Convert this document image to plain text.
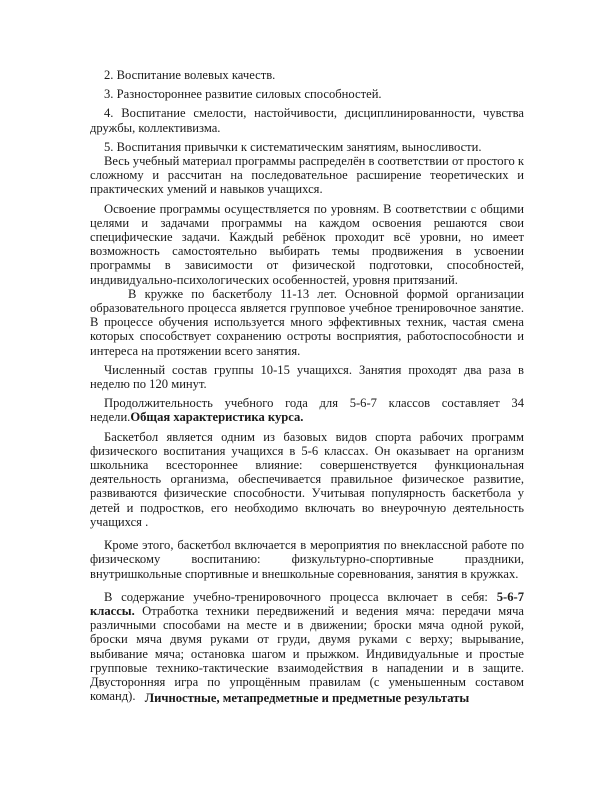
2. Воспитание волевых качеств.

3. Разностороннее развитие силовых способностей.

4. Воспитание смелости, настойчивости, дисциплинированности, чувства дружбы, коллективизма.

5. Воспитания привычки к систематическим занятиям, выносливости.

Весь учебный материал программы распределён в соответствии от простого к сложному и рассчитан на последовательное расширение теоретических и практических умений и навыков учащихся.

Освоение программы осуществляется по уровням. В соответствии с общими целями и задачами программы на каждом освоения решаются свои специфические задачи. Каждый ребёнок проходит всё уровни, но имеет возможность самостоятельно выбирать темы продвижения в усвоении программы в зависимости от физической подготовки, способностей, индивидуально-психологических особенностей, уровня притязаний.

В кружке по баскетболу 11-13 лет. Основной формой организации образовательного процесса является групповое учебное тренировочное занятие. В процессе обучения используется много эффективных техник, частая смена которых способствует сохранению остроты восприятия, работоспособности и интереса на протяжении всего занятия.

Численный состав группы 10-15 учащихся. Занятия проходят два раза в неделю по 120 минут.

Продолжительность учебного года для 5-6-7 классов составляет 34 недели.Общая характеристика курса.

Баскетбол является одним из базовых видов спорта рабочих программ физического воспитания учащихся в 5-6 классах. Он оказывает на организм школьника всестороннее влияние: совершенствуется функциональная деятельность организма, обеспечивается правильное физическое развитие, развиваются физические способности. Учитывая популярность баскетбола у детей и подростков, его необходимо включать во внеурочную деятельность учащихся .

Кроме этого, баскетбол включается в мероприятия по внеклассной работе по физическому воспитанию: физкультурно-спортивные праздники, внутришкольные спортивные и внешкольные соревнования, занятия в кружках.

В содержание учебно-тренировочного процесса включает в себя: 5-6-7 классы. Отработка техники передвижений и ведения мяча: передачи мяча различными способами на месте и в движении; броски мяча одной рукой, броски мяча двумя руками от груди, двумя руками с верху; вырывание, выбивание мяча; остановка шагом и прыжком. Индивидуальные и простые групповые технико-тактические взаимодействия в нападении и в защите. Двусторонняя игра по упрощённым правилам (с уменьшенным составом команд). Личностные, метапредметные и предметные результаты
